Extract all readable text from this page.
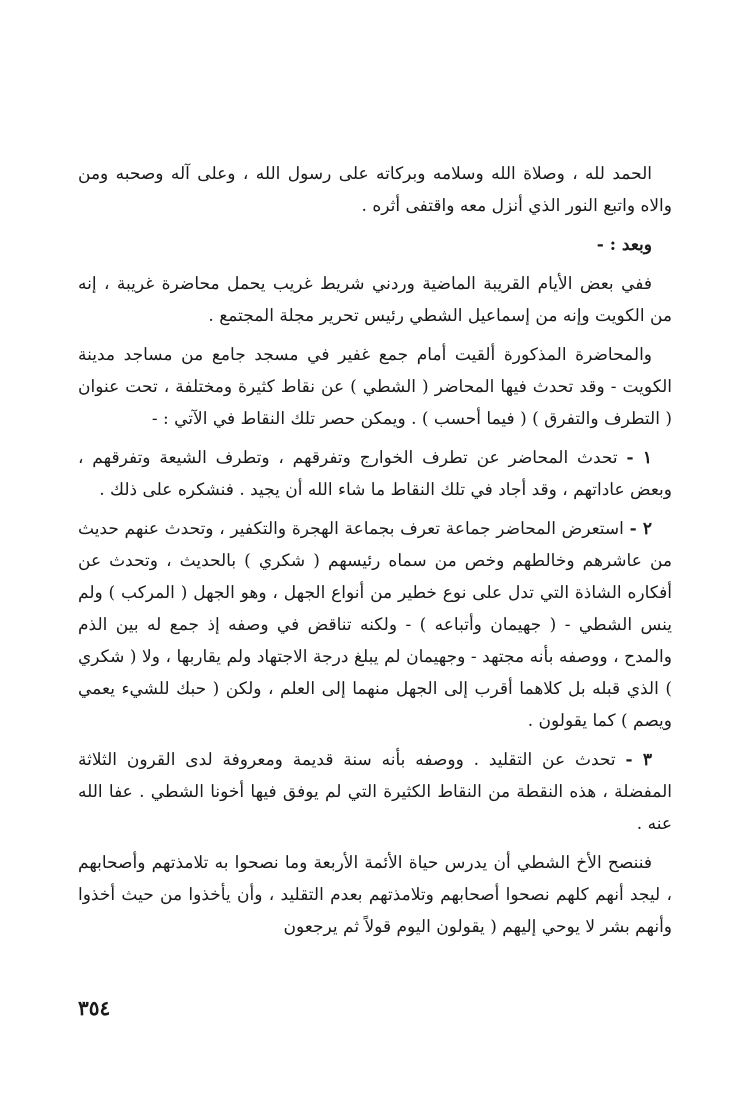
الحمد لله ، وصلاة الله وسلامه وبركاته على رسول الله ، وعلى آله وصحبه ومن والاه واتبع النور الذي أنزل معه واقتفى أثره .

وبعد : -

ففي بعض الأيام القريبة الماضية وردني شريط غريب يحمل محاضرة غريبة ، إنه من الكويت وإنه من إسماعيل الشطي رئيس تحرير مجلة المجتمع .

والمحاضرة المذكورة ألقيت أمام جمع غفير في مسجد جامع من مساجد مدينة الكويت - وقد تحدث فيها المحاضر ( الشطي ) عن نقاط كثيرة ومختلفة ، تحت عنوان ( التطرف والتفرق ) ( فيما أحسب ) . ويمكن حصر تلك النقاط في الآتي : -

١ - تحدث المحاضر عن تطرف الخوارج وتفرقهم ، وتطرف الشيعة وتفرقهم ، وبعض عاداتهم ، وقد أجاد في تلك النقاط ما شاء الله أن يجيد . فنشكره على ذلك .

٢ - استعرض المحاضر جماعة تعرف بجماعة الهجرة والتكفير ، وتحدث عنهم حديث من عاشرهم وخالطهم وخص من سماه رئيسهم ( شكري ) بالحديث ، وتحدث عن أفكاره الشاذة التي تدل على نوع خطير من أنواع الجهل ، وهو الجهل ( المركب ) ولم ينس الشطي - ( جهيمان وأتباعه ) - ولكنه تناقض في وصفه إذ جمع له بين الذم والمدح ، ووصفه بأنه مجتهد - وجهيمان لم يبلغ درجة الاجتهاد ولم يقاربها ، ولا ( شكري ) الذي قبله بل كلاهما أقرب إلى الجهل منهما إلى العلم ، ولكن ( حبك للشيء يعمي ويصم ) كما يقولون .

٣ - تحدث عن التقليد . ووصفه بأنه سنة قديمة ومعروفة لدى القرون الثلاثة المفضلة ، هذه النقطة من النقاط الكثيرة التي لم يوفق فيها أخونا الشطي . عفا الله عنه .

فننصح الأخ الشطي أن يدرس حياة الأئمة الأربعة وما نصحوا به تلامذتهم وأصحابهم ، ليجد أنهم كلهم نصحوا أصحابهم وتلامذتهم بعدم التقليد ، وأن يأخذوا من حيث أخذوا وأنهم بشر لا يوحي إليهم ( يقولون اليوم قولاً ثم يرجعون

٣٥٤
